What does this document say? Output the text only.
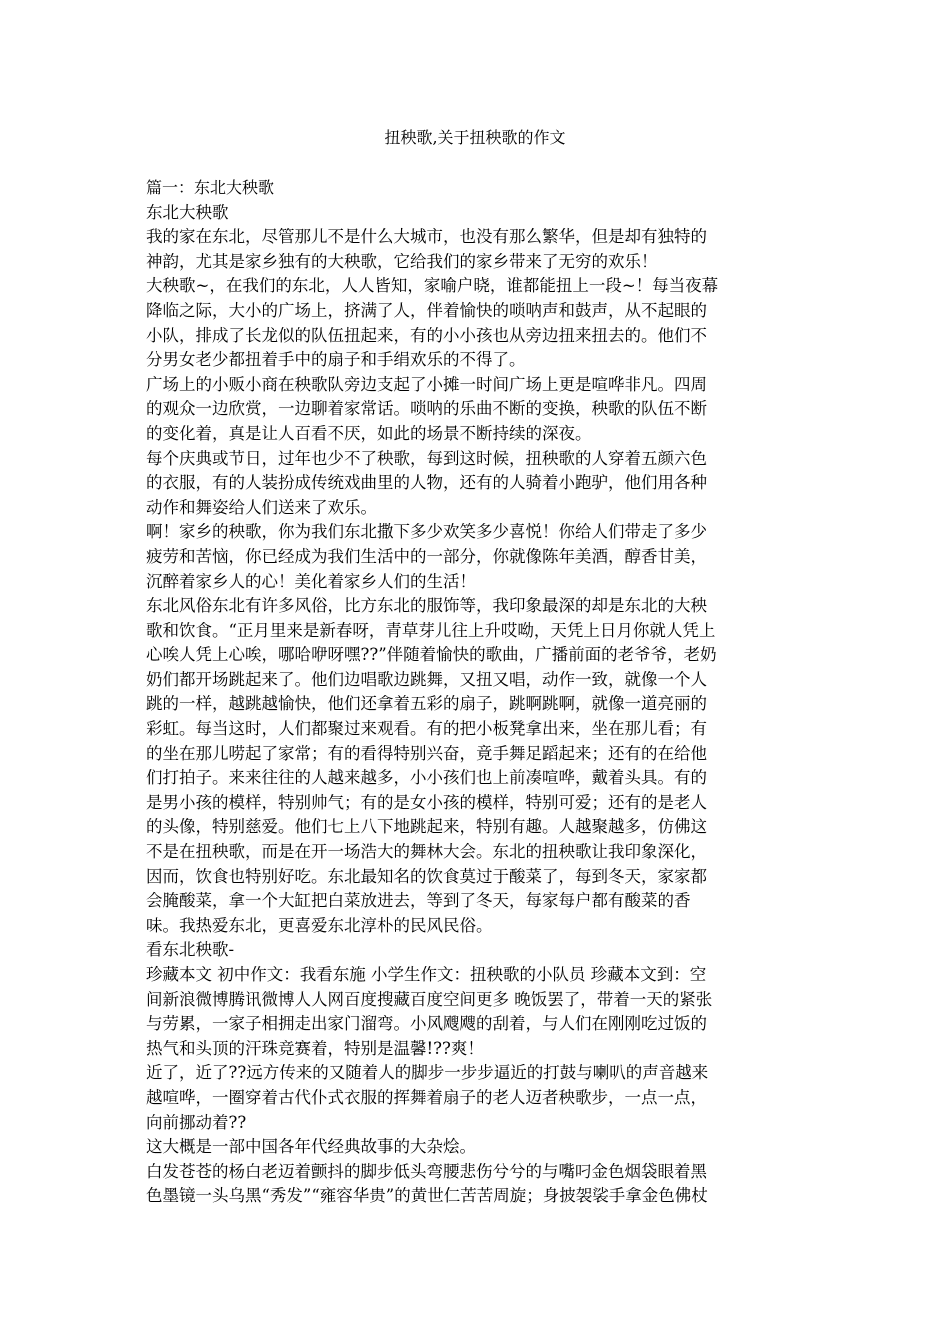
扭秧歌,关于扭秧歌的作文
篇一：东北大秧歌
东北大秧歌
我的家在东北，尽管那儿不是什么大城市，也没有那么繁华，但是却有独特的
神韵，尤其是家乡独有的大秧歌，它给我们的家乡带来了无穷的欢乐！
大秧歌~，在我们的东北，人人皆知，家喻户晓，谁都能扭上一段~！每当夜幕
降临之际，大小的广场上，挤满了人，伴着愉快的唢呐声和鼓声，从不起眼的
小队，排成了长龙似的队伍扭起来，有的小小孩也从旁边扭来扭去的。他们不
分男女老少都扭着手中的扇子和手绢欢乐的不得了。
广场上的小贩小商在秧歌队旁边支起了小摊一时间广场上更是喧哗非凡。四周
的观众一边欣赏，一边聊着家常话。唢呐的乐曲不断的变换，秧歌的队伍不断
的变化着，真是让人百看不厌，如此的场景不断持续的深夜。
每个庆典或节日，过年也少不了秧歌，每到这时候，扭秧歌的人穿着五颜六色
的衣服，有的人装扮成传统戏曲里的人物，还有的人骑着小跑驴，他们用各种
动作和舞姿给人们送来了欢乐。
啊！家乡的秧歌，你为我们东北撒下多少欢笑多少喜悦！你给人们带走了多少
疲劳和苦恼，你已经成为我们生活中的一部分，你就像陈年美酒，醇香甘美，
沉醉着家乡人的心！美化着家乡人们的生活！
东北风俗东北有许多风俗，比方东北的服饰等，我印象最深的却是东北的大秧
歌和饮食。“正月里来是新春呀，青草芽儿往上升哎呦，天凭上日月你就人凭上
心唉人凭上心唉，哪哈咿呀嘿??”伴随着愉快的歌曲，广播前面的老爷爷，老奶
奶们都开场跳起来了。他们边唱歌边跳舞，又扭又唱，动作一致，就像一个人
跳的一样，越跳越愉快，他们还拿着五彩的扇子，跳啊跳啊，就像一道亮丽的
彩虹。每当这时，人们都聚过来观看。有的把小板凳拿出来，坐在那儿看；有
的坐在那儿唠起了家常；有的看得特别兴奋，竟手舞足蹈起来；还有的在给他
们打拍子。来来往往的人越来越多，小小孩们也上前凑喧哗，戴着头具。有的
是男小孩的模样，特别帅气；有的是女小孩的模样，特别可爱；还有的是老人
的头像，特别慈爱。他们七上八下地跳起来，特别有趣。人越聚越多，仿佛这
不是在扭秧歌，而是在开一场浩大的舞林大会。东北的扭秧歌让我印象深化，
因而，饮食也特别好吃。东北最知名的饮食莫过于酸菜了，每到冬天，家家都
会腌酸菜，拿一个大缸把白菜放进去，等到了冬天，每家每户都有酸菜的香
味。我热爱东北，更喜爱东北淳朴的民风民俗。
看东北秧歌-
珍藏本文 初中作文：我看东施 小学生作文：扭秧歌的小队员 珍藏本文到：空
间新浪微博腾讯微博人人网百度搜藏百度空间更多 晚饭罢了，带着一天的紧张
与劳累，一家子相拥走出家门溜弯。小风飕飕的刮着，与人们在刚刚吃过饭的
热气和头顶的汗珠竞赛着，特别是温馨!??爽！
近了，近了??远方传来的又随着人的脚步一步步逼近的打鼓与喇叭的声音越来
越喧哗，一圈穿着古代仆式衣服的挥舞着扇子的老人迈者秧歌步，一点一点，
向前挪动着??
这大概是一部中国各年代经典故事的大杂烩。
白发苍苍的杨白老迈着颤抖的脚步低头弯腰悲伤兮兮的与嘴叼金色烟袋眼着黑
色墨镜一头乌黑“秀发”“雍容华贵”的黄世仁苦苦周旋；身披袈裟手拿金色佛杖
